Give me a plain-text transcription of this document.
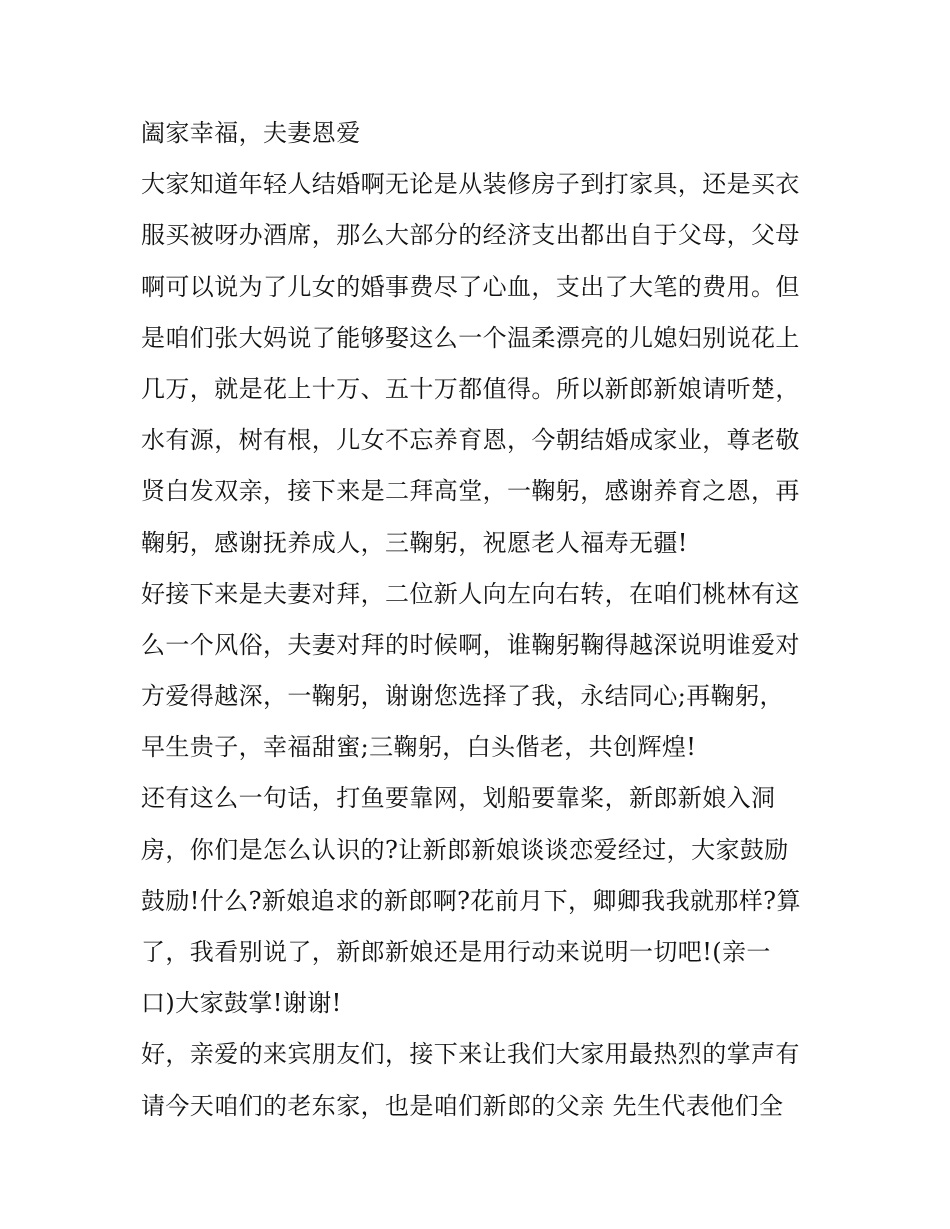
阖家幸福，夫妻恩爱
大家知道年轻人结婚啊无论是从装修房子到打家具，还是买衣
服买被呀办酒席，那么大部分的经济支出都出自于父母，父母
啊可以说为了儿女的婚事费尽了心血，支出了大笔的费用。但
是咱们张大妈说了能够娶这么一个温柔漂亮的儿媳妇别说花上
几万，就是花上十万、五十万都值得。所以新郎新娘请听楚，
水有源，树有根，儿女不忘养育恩，今朝结婚成家业，尊老敬
贤白发双亲，接下来是二拜高堂，一鞠躬，感谢养育之恩，再
鞠躬，感谢抚养成人，三鞠躬，祝愿老人福寿无疆!
好接下来是夫妻对拜，二位新人向左向右转，在咱们桃林有这
么一个风俗，夫妻对拜的时候啊，谁鞠躬鞠得越深说明谁爱对
方爱得越深，一鞠躬，谢谢您选择了我，永结同心;再鞠躬，
早生贵子，幸福甜蜜;三鞠躬，白头偕老，共创辉煌!
还有这么一句话，打鱼要靠网，划船要靠桨，新郎新娘入洞
房，你们是怎么认识的?让新郎新娘谈谈恋爱经过，大家鼓励
鼓励!什么?新娘追求的新郎啊?花前月下，卿卿我我就那样?算
了，我看别说了，新郎新娘还是用行动来说明一切吧!(亲一
口)大家鼓掌!谢谢!
好，亲爱的来宾朋友们，接下来让我们大家用最热烈的掌声有
请今天咱们的老东家，也是咱们新郎的父亲 先生代表他们全
